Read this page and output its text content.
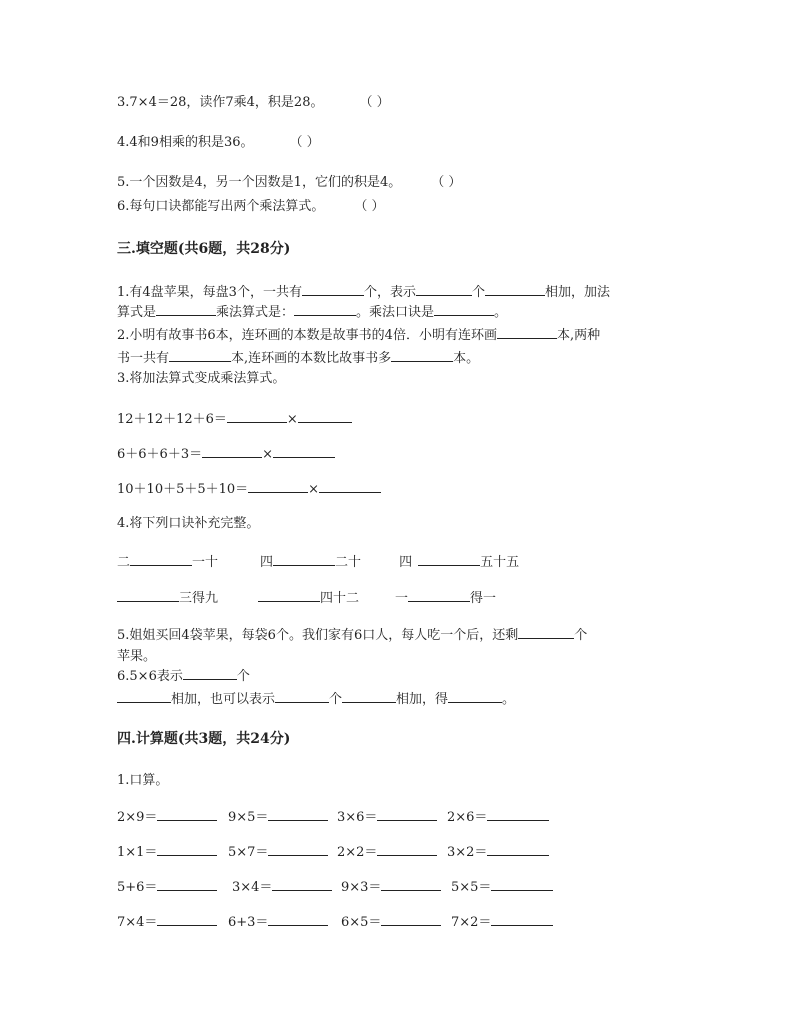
3.7×4＝28，读作7乘4，积是28。	（ ）
4.4和9相乘的积是36。	（ ）
5.一个因数是4，另一个因数是1，它们的积是4。 （ ）
6.每句口诀都能写出两个乘法算式。 （ ）
三.填空题(共6题，共28分)
1.有4盘苹果，每盘3个，一共有	个，表示	个	相加，加法
算式是	乘法算式是：	。乘法口诀是	。
2.小明有故事书6本，连环画的本数是故事书的4倍．小明有连环画	本,两种
书一共有	本,连环画的本数比故事书多	本。
3.将加法算式变成乘法算式。
12＋12＋12＋6＝	×
6＋6＋6＋3＝	×
10＋10＋5＋5＋10＝	×
4.将下列口诀补充完整。
二	一十	四	二十	四	五十五
三得九	四十二	一	得一
5.姐姐买回4袋苹果，每袋6个。我们家有6口人，每人吃一个后，还剩	个
苹果。
6.5×6表示	个
相加，也可以表示	个	相加，得	。
四.计算题(共3题，共24分)
1.口算。
2×9＝	9×5＝	3×6＝	2×6＝
1×1＝	5×7＝	2×2＝	3×2＝
5+6＝	3×4＝	9×3＝	5×5＝
7×4＝	6+3＝	6×5＝	7×2＝
